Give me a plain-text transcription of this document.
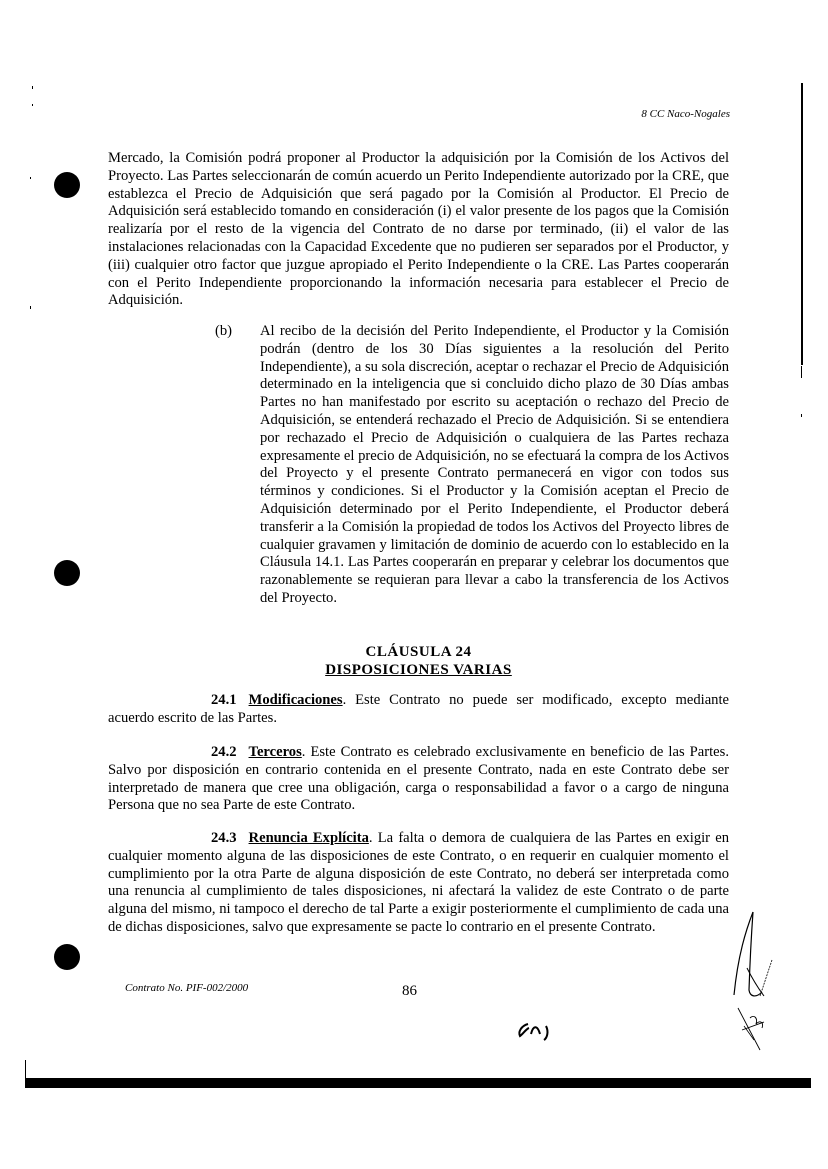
8 CC Naco-Nogales
Mercado, la Comisión podrá proponer al Productor la adquisición por la Comisión de los Activos del Proyecto. Las Partes seleccionarán de común acuerdo un Perito Independiente autorizado por la CRE, que establezca el Precio de Adquisición que será pagado por la Comisión al Productor. El Precio de Adquisición será establecido tomando en consideración (i) el valor presente de los pagos que la Comisión realizaría por el resto de la vigencia del Contrato de no darse por terminado, (ii) el valor de las instalaciones relacionadas con la Capacidad Excedente que no pudieren ser separados por el Productor, y (iii) cualquier otro factor que juzgue apropiado el Perito Independiente o la CRE. Las Partes cooperarán con el Perito Independiente proporcionando la información necesaria para establecer el Precio de Adquisición.
(b) Al recibo de la decisión del Perito Independiente, el Productor y la Comisión podrán (dentro de los 30 Días siguientes a la resolución del Perito Independiente), a su sola discreción, aceptar o rechazar el Precio de Adquisición determinado en la inteligencia que si concluido dicho plazo de 30 Días ambas Partes no han manifestado por escrito su aceptación o rechazo del Precio de Adquisición, se entenderá rechazado el Precio de Adquisición. Si se entendiera por rechazado el Precio de Adquisición o cualquiera de las Partes rechaza expresamente el precio de Adquisición, no se efectuará la compra de los Activos del Proyecto y el presente Contrato permanecerá en vigor con todos sus términos y condiciones. Si el Productor y la Comisión aceptan el Precio de Adquisición determinado por el Perito Independiente, el Productor deberá transferir a la Comisión la propiedad de todos los Activos del Proyecto libres de cualquier gravamen y limitación de dominio de acuerdo con lo establecido en la Cláusula 14.1. Las Partes cooperarán en preparar y celebrar los documentos que razonablemente se requieran para llevar a cabo la transferencia de los Activos del Proyecto.
CLÁUSULA 24
DISPOSICIONES VARIAS
24.1 Modificaciones. Este Contrato no puede ser modificado, excepto mediante acuerdo escrito de las Partes.
24.2 Terceros. Este Contrato es celebrado exclusivamente en beneficio de las Partes. Salvo por disposición en contrario contenida en el presente Contrato, nada en este Contrato debe ser interpretado de manera que cree una obligación, carga o responsabilidad a favor o a cargo de ninguna Persona que no sea Parte de este Contrato.
24.3 Renuncia Explícita. La falta o demora de cualquiera de las Partes en exigir en cualquier momento alguna de las disposiciones de este Contrato, o en requerir en cualquier momento el cumplimiento por la otra Parte de alguna disposición de este Contrato, no deberá ser interpretada como una renuncia al cumplimiento de tales disposiciones, ni afectará la validez de este Contrato o de parte alguna del mismo, ni tampoco el derecho de tal Parte a exigir posteriormente el cumplimiento de cada una de dichas disposiciones, salvo que expresamente se pacte lo contrario en el presente Contrato.
Contrato No. PIF-002/2000	86
